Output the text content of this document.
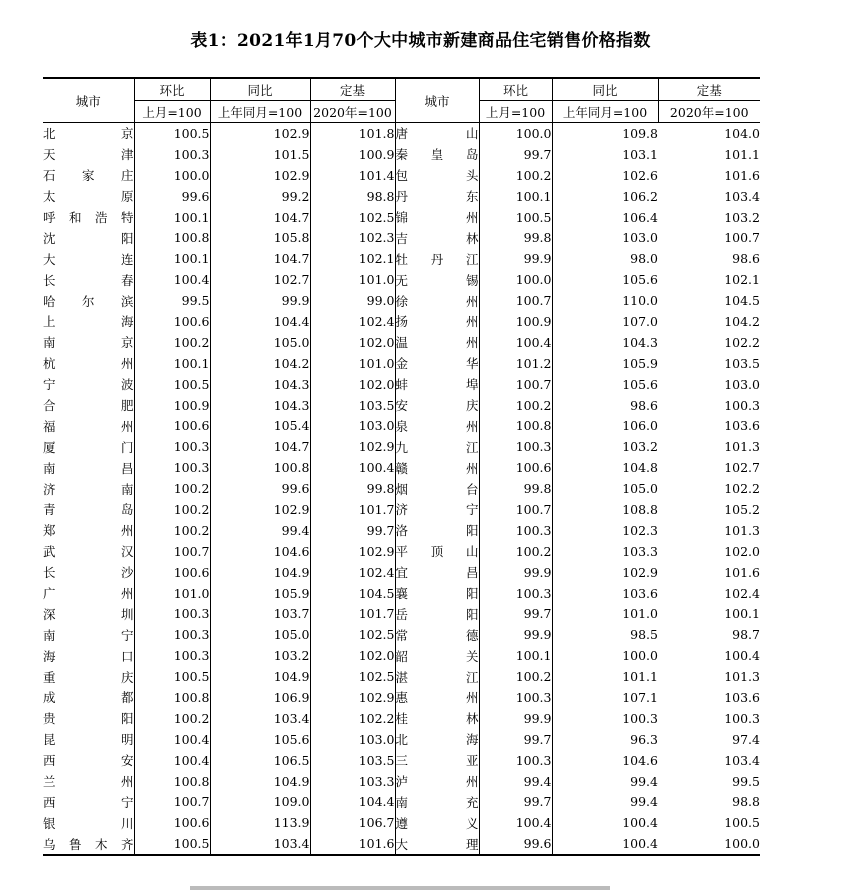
表1：2021年1月70个大中城市新建商品住宅销售价格指数
城市	环比	同比	定基	城市	环比	同比	定基
	上月=100	上年同月=100	2020年=100		上月=100	上年同月=100	2020年=100
北京	100.5	102.9	101.8	唐山	100.0	109.8	104.0
天津	100.3	101.5	100.9	秦皇岛	99.7	103.1	101.1
石家庄	100.0	102.9	101.4	包头	100.2	102.6	101.6
太原	99.6	99.2	98.8	丹东	100.1	106.2	103.4
呼和浩特	100.1	104.7	102.5	锦州	100.5	106.4	103.2
沈阳	100.8	105.8	102.3	吉林	99.8	103.0	100.7
大连	100.1	104.7	102.1	牡丹江	99.9	98.0	98.6
长春	100.4	102.7	101.0	无锡	100.0	105.6	102.1
哈尔滨	99.5	99.9	99.0	徐州	100.7	110.0	104.5
上海	100.6	104.4	102.4	扬州	100.9	107.0	104.2
南京	100.2	105.0	102.0	温州	100.4	104.3	102.2
杭州	100.1	104.2	101.0	金华	101.2	105.9	103.5
宁波	100.5	104.3	102.0	蚌埠	100.7	105.6	103.0
合肥	100.9	104.3	103.5	安庆	100.2	98.6	100.3
福州	100.6	105.4	103.0	泉州	100.8	106.0	103.6
厦门	100.3	104.7	102.9	九江	100.3	103.2	101.3
南昌	100.3	100.8	100.4	赣州	100.6	104.8	102.7
济南	100.2	99.6	99.8	烟台	99.8	105.0	102.2
青岛	100.2	102.9	101.7	济宁	100.7	108.8	105.2
郑州	100.2	99.4	99.7	洛阳	100.3	102.3	101.3
武汉	100.7	104.6	102.9	平顶山	100.2	103.3	102.0
长沙	100.6	104.9	102.4	宜昌	99.9	102.9	101.6
广州	101.0	105.9	104.5	襄阳	100.3	103.6	102.4
深圳	100.3	103.7	101.7	岳阳	99.7	101.0	100.1
南宁	100.3	105.0	102.5	常德	99.9	98.5	98.7
海口	100.3	103.2	102.0	韶关	100.1	100.0	100.4
重庆	100.5	104.9	102.5	湛江	100.2	101.1	101.3
成都	100.8	106.9	102.9	惠州	100.3	107.1	103.6
贵阳	100.2	103.4	102.2	桂林	99.9	100.3	100.3
昆明	100.4	105.6	103.0	北海	99.7	96.3	97.4
西安	100.4	106.5	103.5	三亚	100.3	104.6	103.4
兰州	100.8	104.9	103.3	泸州	99.4	99.4	99.5
西宁	100.7	109.0	104.4	南充	99.7	99.4	98.8
银川	100.6	113.9	106.7	遵义	100.4	100.4	100.5
乌鲁木齐	100.5	103.4	101.6	大理	99.6	100.4	100.0
